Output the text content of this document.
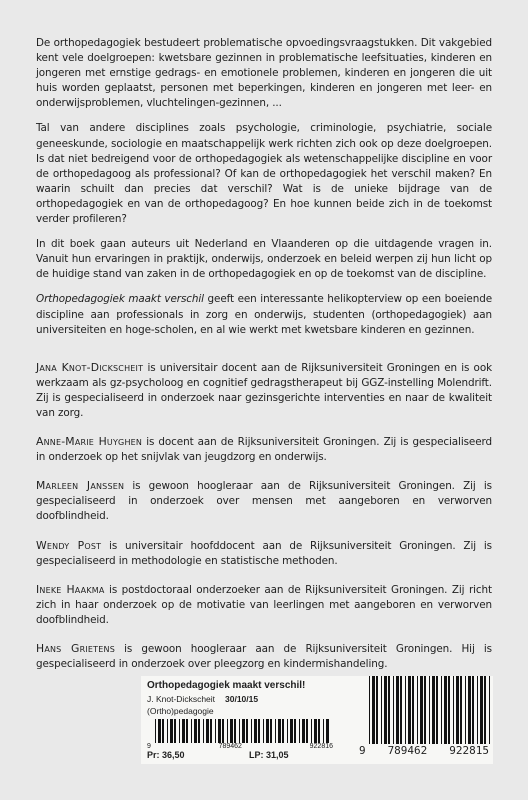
De orthopedagogiek bestudeert problematische opvoedingsvraagstukken. Dit vakgebied kent vele doelgroepen: kwetsbare gezinnen in problematische leefsituaties, kinderen en jongeren met ernstige gedrags- en emotionele problemen, kinderen en jongeren die uit huis worden geplaatst, personen met beperkingen, kinderen en jongeren met leer- en onderwijsproblemen, vluchtelingen-gezinnen, ...

Tal van andere disciplines zoals psychologie, criminologie, psychiatrie, sociale geneeskunde, sociologie en maatschappelijk werk richten zich ook op deze doelgroepen. Is dat niet bedreigend voor de orthopedagogiek als wetenschappelijke discipline en voor de orthopedagoog als professional? Of kan de orthopedagogiek het verschil maken? En waarin schuilt dan precies dat verschil? Wat is de unieke bijdrage van de orthopedagogiek en van de orthopedagoog? En hoe kunnen beide zich in de toekomst verder profileren?

In dit boek gaan auteurs uit Nederland en Vlaanderen op die uitdagende vragen in. Vanuit hun ervaringen in praktijk, onderwijs, onderzoek en beleid werpen zij hun licht op de huidige stand van zaken in de orthopedagogiek en op de toekomst van de discipline.

Orthopedagogiek maakt verschil geeft een interessante helikopterview op een boeiende discipline aan professionals in zorg en onderwijs, studenten (orthopedagogiek) aan universiteiten en hoge-scholen, en al wie werkt met kwetsbare kinderen en gezinnen.

Jana Knot-Dickscheit is universitair docent aan de Rijksuniversiteit Groningen en is ook werkzaam als gz-psycholoog en cognitief gedragstherapeut bij GGZ-instelling Molendrift. Zij is gespecialiseerd in onderzoek naar gezinsgerichte interventies en naar de kwaliteit van zorg.

Anne-Marie Huyghen is docent aan de Rijksuniversiteit Groningen. Zij is gespecialiseerd in onderzoek op het snijvlak van jeugdzorg en onderwijs.

Marleen Janssen is gewoon hoogleraar aan de Rijksuniversiteit Groningen. Zij is gespecialiseerd in onderzoek over mensen met aangeboren en verworven doofblindheid.

Wendy Post is universitair hoofddocent aan de Rijksuniversiteit Groningen. Zij is gespecialiseerd in methodologie en statistische methoden.

Ineke Haakma is postdoctoraal onderzoeker aan de Rijksuniversiteit Groningen. Zij richt zich in haar onderzoek op de motivatie van leerlingen met aangeboren en verworven doofblindheid.

Hans Grietens is gewoon hoogleraar aan de Rijksuniversiteit Groningen. Hij is gespecialiseerd in onderzoek over pleegzorg en kindermishandeling.

Orthopedagogiek maakt verschil!
J. Knot-Dickscheit 30/10/15
(Ortho)pedagogie
9	789462	922816
Pr: 36,50	LP: 31,05	9 789462 922815
